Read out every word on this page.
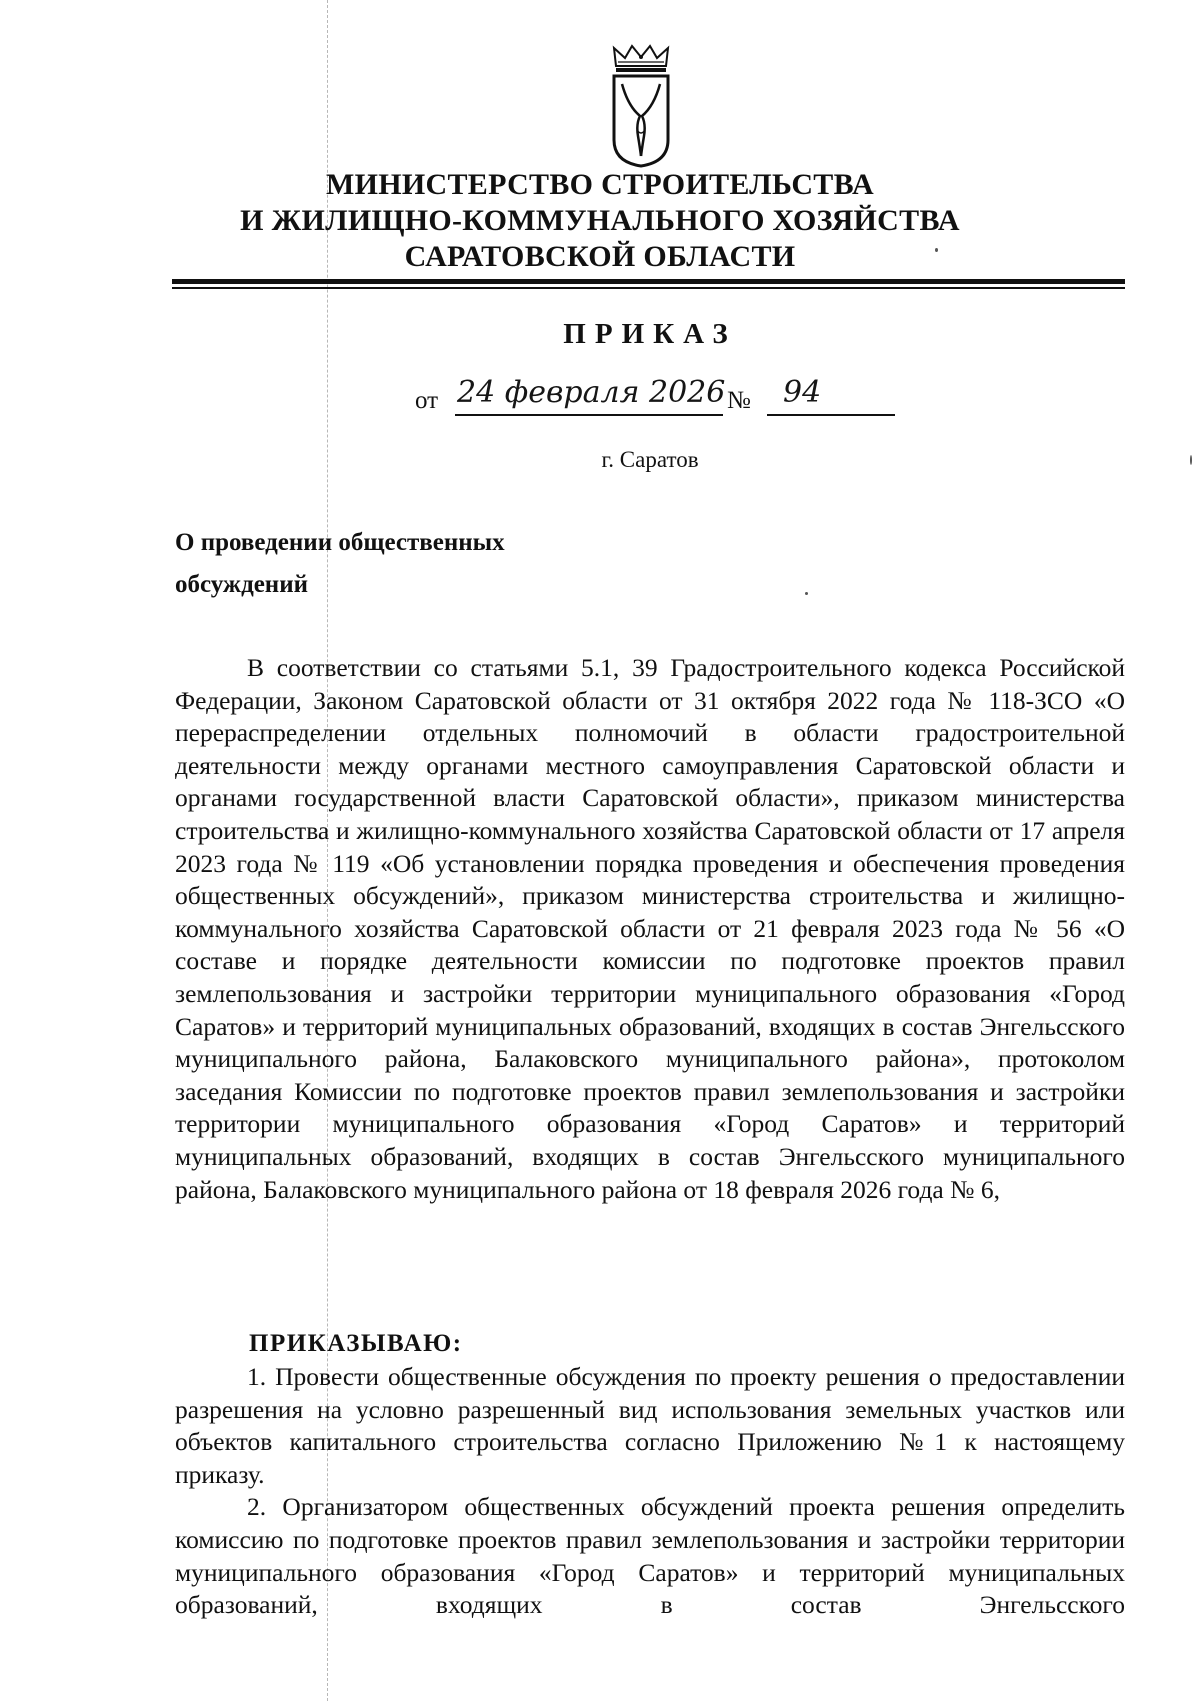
МИНИСТЕРСТВО СТРОИТЕЛЬСТВА
И ЖИЛИЩНО-КОММУНАЛЬНОГО ХОЗЯЙСТВА
САРАТОВСКОЙ ОБЛАСТИ
ПРИКАЗ
от 24 февраля 2026 № 94
г. Саратов
О проведении общественных
обсуждений

В соответствии со статьями 5.1, 39 Градостроительного кодекса Российской Федерации, Законом Саратовской области от 31 октября 2022 года № 118-ЗСО «О перераспределении отдельных полномочий в области градостроительной деятельности между органами местного самоуправления Саратовской области и органами государственной власти Саратовской области», приказом министерства строительства и жилищно-коммунального хозяйства Саратовской области от 17 апреля 2023 года № 119 «Об установлении порядка проведения и обеспечения проведения общественных обсуждений», приказом министерства строительства и жилищно-коммунального хозяйства Саратовской области от 21 февраля 2023 года № 56 «О составе и порядке деятельности комиссии по подготовке проектов правил землепользования и застройки территории муниципального образования «Город Саратов» и территорий муниципальных образований, входящих в состав Энгельсского муниципального района, Балаковского муниципального района», протоколом заседания Комиссии по подготовке проектов правил землепользования и застройки территории муниципального образования «Город Саратов» и территорий муниципальных образований, входящих в состав Энгельсского муниципального района, Балаковского муниципального района от 18 февраля 2026 года № 6,

ПРИКАЗЫВАЮ:

1. Провести общественные обсуждения по проекту решения о предоставлении разрешения на условно разрешенный вид использования земельных участков или объектов капитального строительства согласно Приложению №1 к настоящему приказу.

2. Организатором общественных обсуждений проекта решения определить комиссию по подготовке проектов правил землепользования и застройки территории муниципального образования «Город Саратов» и территорий муниципальных образований, входящих в состав Энгельсского
